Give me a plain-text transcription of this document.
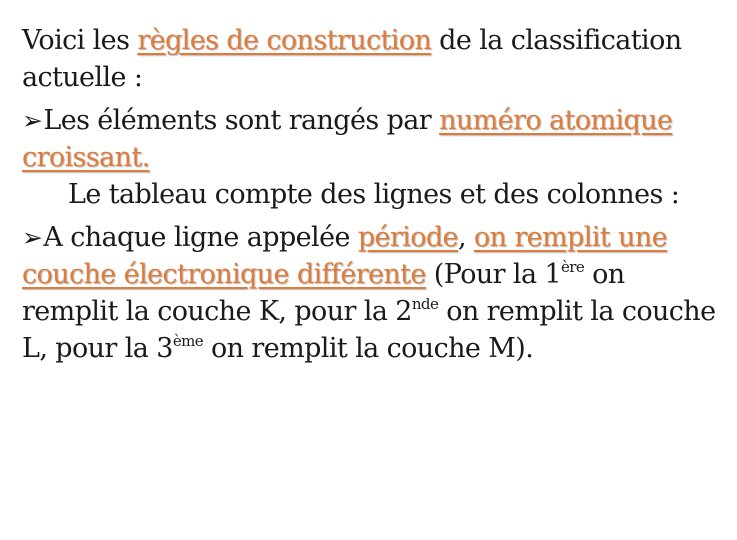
Voici les règles de construction de la classification actuelle :

➢Les éléments sont rangés par numéro atomique croissant.

Le tableau compte des lignes et des colonnes :

➢A chaque ligne appelée période, on remplit une couche électronique différente (Pour la 1ère on remplit la couche K, pour la 2nde on remplit la couche L, pour la 3ème on remplit la couche M).
